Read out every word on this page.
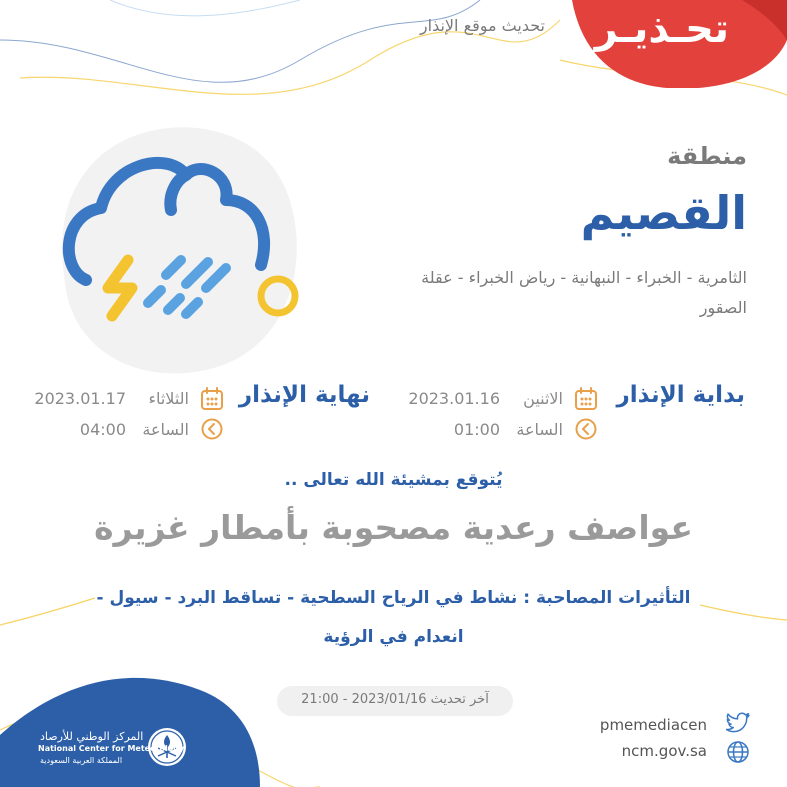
تحـذيـر
تحديث موقع الإنذار
منطقة
القصيم
الثامرية - الخبراء - النبهانية - رياض الخبراء - عقلة
الصقور
بداية الإنذار
الاثنين
2023.01.16
الساعة
01:00
نهاية الإنذار
الثلاثاء
2023.01.17
الساعة
04:00
يُتوقع بمشيئة الله تعالى ..
عواصف رعدية مصحوبة بأمطار غزيرة
التأثيرات المصاحبة : نشاط في الرياح السطحية - تساقط البرد - سيول -
انعدام في الرؤية
آخر تحديث 2023/01/16 - 21:00
pmemediacen
ncm.gov.sa
المركز الوطني للأرصاد
National Center for Meteorology
المملكة العربية السعودية
